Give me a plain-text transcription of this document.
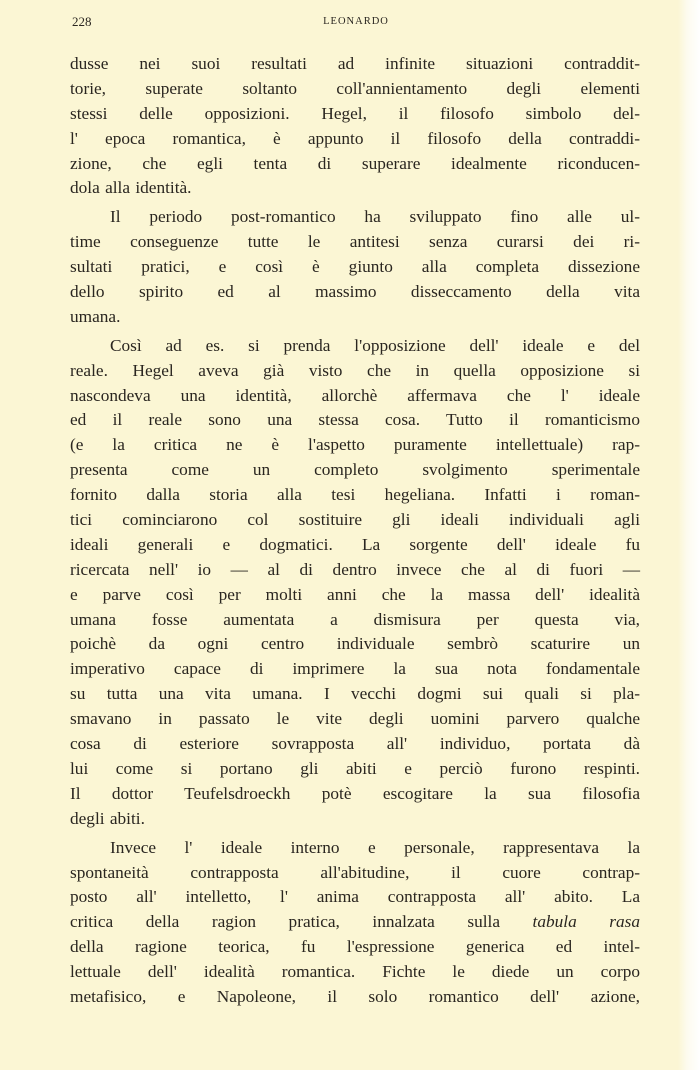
228	LEONARDO
dusse nei suoi resultati ad infinite situazioni contraddit-
torie, superate soltanto coll'annientamento degli elementi
stessi delle opposizioni. Hegel, il filosofo simbolo del-
l' epoca romantica, è appunto il filosofo della contraddi-
zione, che egli tenta di superare idealmente riconducen-
dola alla identità.
Il periodo post-romantico ha sviluppato fino alle ul-
time conseguenze tutte le antitesi senza curarsi dei ri-
sultati pratici, e così è giunto alla completa dissezione
dello spirito ed al massimo disseccamento della vita
umana.
Così ad es. si prenda l'opposizione dell' ideale e del
reale. Hegel aveva già visto che in quella opposizione si
nascondeva una identità, allorchè affermava che l' ideale
ed il reale sono una stessa cosa. Tutto il romanticismo
(e la critica ne è l'aspetto puramente intellettuale) rap-
presenta come un completo svolgimento sperimentale
fornito dalla storia alla tesi hegeliana. Infatti i roman-
tici cominciarono col sostituire gli ideali individuali agli
ideali generali e dogmatici. La sorgente dell' ideale fu
ricercata nell' io — al di dentro invece che al di fuori —
e parve così per molti anni che la massa dell' idealità
umana fosse aumentata a dismisura per questa via,
poichè da ogni centro individuale sembrò scaturire un
imperativo capace di imprimere la sua nota fondamentale
su tutta una vita umana. I vecchi dogmi sui quali si pla-
smavano in passato le vite degli uomini parvero qualche
cosa di esteriore sovrapposta all' individuo, portata dà
lui come si portano gli abiti e perciò furono respinti.
Il dottor Teufelsdroeckh potè escogitare la sua filosofia
degli abiti.
Invece l' ideale interno e personale, rappresentava la
spontaneità contrapposta all'abitudine, il cuore contrap-
posto all' intelletto, l' anima contrapposta all' abito. La
critica della ragion pratica, innalzata sulla tabula rasa
della ragione teorica, fu l'espressione generica ed intel-
lettuale dell' idealità romantica. Fichte le diede un corpo
metafisico, e Napoleone, il solo romantico dell' azione,
